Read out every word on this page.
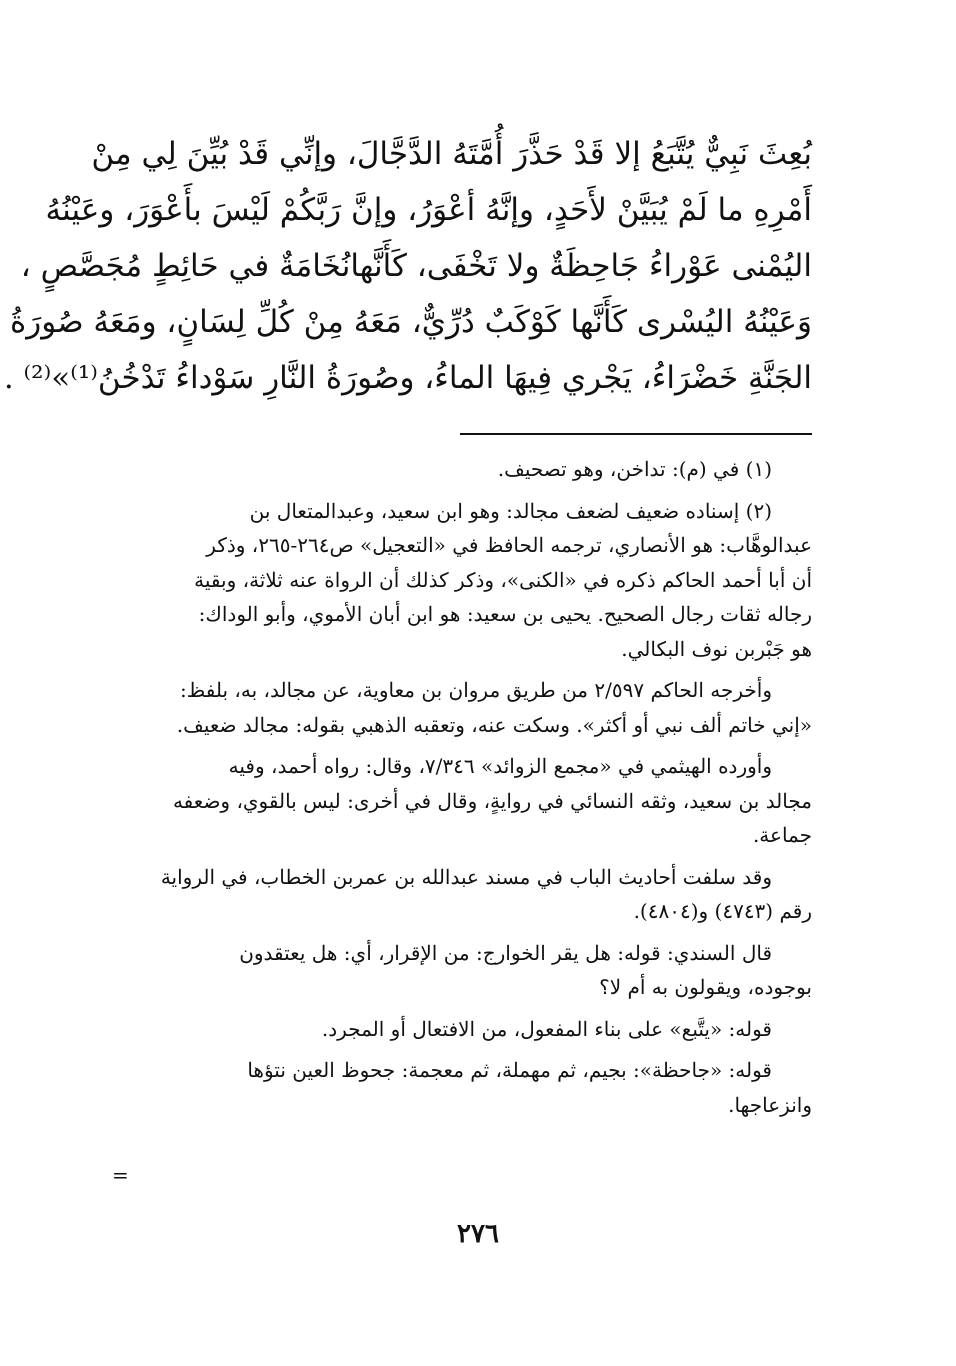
بُعِثَ نَبِيٌّ يُتَّبَعُ إلا قَدْ حَذَّرَ أُمَّتَهُ الدَّجَّالَ، وإنِّي قَدْ بُيِّنَ لِي مِنْ
أَمْرِهِ ما لَمْ يُبَيَّنْ لأَحَدٍ، وإنَّهُ أعْوَرُ، وإنَّ رَبَّكُمْ لَيْسَ بأَعْوَرَ، وعَيْنُهُ
اليُمْنى عَوْراءُ جَاحِظَةٌ ولا تَخْفَى، كَأَنَّهانُخَامَةٌ في حَائِطٍ مُجَصَّصٍ ،
وَعَيْنُهُ اليُسْرى كَأَنَّها كَوْكَبٌ دُرِّيٌّ، مَعَهُ مِنْ كُلِّ لِسَانٍ، ومَعَهُ صُورَةُ
الجَنَّةِ خَضْرَاءُ، يَجْري فِيهَا الماءُ، وصُورَةُ النَّارِ سَوْداءُ تَدْخُنُ⁽¹⁾»⁽²⁾ .
(١) في (م): تداخن، وهو تصحيف.
(٢) إسناده ضعيف لضعف مجالد: وهو ابن سعيد، وعبدالمتعال بن
عبدالوهَّاب: هو الأنصاري، ترجمه الحافظ في «التعجيل» ص٢٦٤-٢٦٥، وذكر
أن أبا أحمد الحاكم ذكره في «الكنى»، وذكر كذلك أن الرواة عنه ثلاثة، وبقية
رجاله ثقات رجال الصحيح. يحيى بن سعيد: هو ابن أبان الأموي، وأبو الوداك:
هو جَبْربن نوف البكالي.
وأخرجه الحاكم ٢/٥٩٧ من طريق مروان بن معاوية، عن مجالد، به، بلفظ:
«إني خاتم ألف نبي أو أكثر». وسكت عنه، وتعقبه الذهبي بقوله: مجالد ضعيف.
وأورده الهيثمي في «مجمع الزوائد» ٧/٣٤٦، وقال: رواه أحمد، وفيه
مجالد بن سعيد، وثقه النسائي في روايةٍ، وقال في أخرى: ليس بالقوي، وضعفه
جماعة.
وقد سلفت أحاديث الباب في مسند عبدالله بن عمربن الخطاب، في الرواية
رقم (٤٧٤٣) و(٤٨٠٤).
قال السندي: قوله: هل يقر الخوارج: من الإقرار، أي: هل يعتقدون
بوجوده، ويقولون به أم لا؟
قوله: «يتَّبع» على بناء المفعول، من الافتعال أو المجرد.
قوله: «جاحظة»: بجيم، ثم مهملة، ثم معجمة: جحوظ العين نتؤها
وانزعاجها.
=
٢٧٦
